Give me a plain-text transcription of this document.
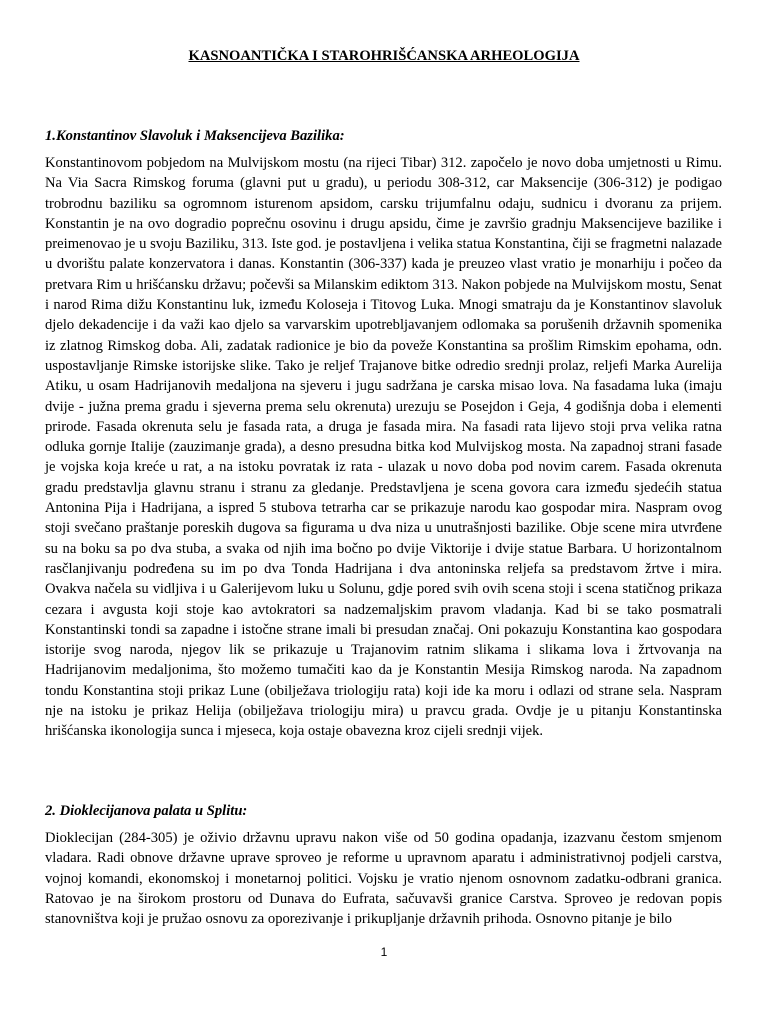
KASNOANTIČKA I STAROHRIŠĆANSKA ARHEOLOGIJA
1.Konstantinov Slavoluk i Maksencijeva Bazilika:

Konstantinovom pobjedom na Mulvijskom mostu (na rijeci Tibar) 312. započelo je novo doba umjetnosti u Rimu. Na Via Sacra Rimskog foruma (glavni put u gradu), u periodu 308-312, car Maksencije (306-312) je podigao trobrodnu baziliku sa ogromnom isturenom apsidom, carsku trijumfalnu odaju, sudnicu i dvoranu za prijem. Konstantin je na ovo dogradio poprečnu osovinu i drugu apsidu, čime je završio gradnju Maksencijeve bazilike i preimenovao je u svoju Baziliku, 313. Iste god. je postavljena i velika statua Konstantina, čiji se fragmetni nalazade u dvorištu palate konzervatora i danas. Konstantin (306-337) kada je preuzeo vlast vratio je monarhiju i počeo da pretvara Rim u hrišćansku državu; počevši sa Milanskim ediktom 313. Nakon pobjede na Mulvijskom mostu, Senat i narod Rima dižu Konstantinu luk, između Koloseja i Titovog Luka. Mnogi smatraju da je Konstantinov slavoluk djelo dekadencije i da važi kao djelo sa varvarskim upotrebljavanjem odlomaka sa porušenih državnih spomenika iz zlatnog Rimskog doba. Ali, zadatak radionice je bio da poveže Konstantina sa prošlim Rimskim epohama, odn. uspostavljanje Rimske istorijske slike. Tako je reljef Trajanove bitke odredio srednji prolaz, reljefi Marka Aurelija Atiku, u osam Hadrijanovih medaljona na sjeveru i jugu sadržana je carska misao lova. Na fasadama luka (imaju dvije - južna prema gradu i sjeverna prema selu okrenuta) urezuju se Posejdon i Geja, 4 godišnja doba i elementi prirode. Fasada okrenuta selu je fasada rata, a druga je fasada mira. Na fasadi rata lijevo stoji prva velika ratna odluka gornje Italije (zauzimanje grada), a desno presudna bitka kod Mulvijskog mosta. Na zapadnoj strani fasade je vojska koja kreće u rat, a na istoku povratak iz rata - ulazak u novo doba pod novim carem. Fasada okrenuta gradu predstavlja glavnu stranu i stranu za gledanje. Predstavljena je scena govora cara između sjedećih statua Antonina Pija i Hadrijana, a ispred 5 stubova tetrarha car se prikazuje narodu kao gospodar mira. Naspram ovog stoji svečano praštanje poreskih dugova sa figurama u dva niza u unutrašnjosti bazilike. Obje scene mira utvrđene su na boku sa po dva stuba, a svaka od njih ima bočno po dvije Viktorije i dvije statue Barbara. U horizontalnom rasčlanjivanju podređena su im po dva Tonda Hadrijana i dva antoninska reljefa sa predstavom žrtve i mira. Ovakva načela su vidljiva i u Galerijevom luku u Solunu, gdje pored svih ovih scena stoji i scena statičnog prikaza cezara i avgusta koji stoje kao avtokratori sa nadzemaljskim pravom vladanja. Kad bi se tako posmatrali Konstantinski tondi sa zapadne i istočne strane imali bi presudan značaj. Oni pokazuju Konstantina kao gospodara istorije svog naroda, njegov lik se prikazuje u Trajanovim ratnim slikama i slikama lova i žrtvovanja na Hadrijanovim medaljonima, što možemo tumačiti kao da je Konstantin Mesija Rimskog naroda. Na zapadnom tondu Konstantina stoji prikaz Lune (obilježava triologiju rata) koji ide ka moru i odlazi od strane sela. Naspram nje na istoku je prikaz Helija (obilježava triologiju mira) u pravcu grada. Ovdje je u pitanju Konstantinska hrišćanska ikonologija sunca i mjeseca, koja ostaje obavezna kroz cijeli srednji vijek.

2. Dioklecijanova palata u Splitu:

Dioklecijan (284-305) je oživio državnu upravu nakon više od 50 godina opadanja, izazvanu čestom smjenom vladara. Radi obnove državne uprave sproveo je reforme u upravnom aparatu i administrativnoj podjeli carstva, vojnoj komandi, ekonomskoj i monetarnoj politici. Vojsku je vratio njenom osnovnom zadatku-odbrani granica. Ratovao je na širokom prostoru od Dunava do Eufrata, sačuvavši granice Carstva. Sproveo je redovan popis stanovništva koji je pružao osnovu za oporezivanje i prikupljanje državnih prihoda. Osnovno pitanje je bilo

1
